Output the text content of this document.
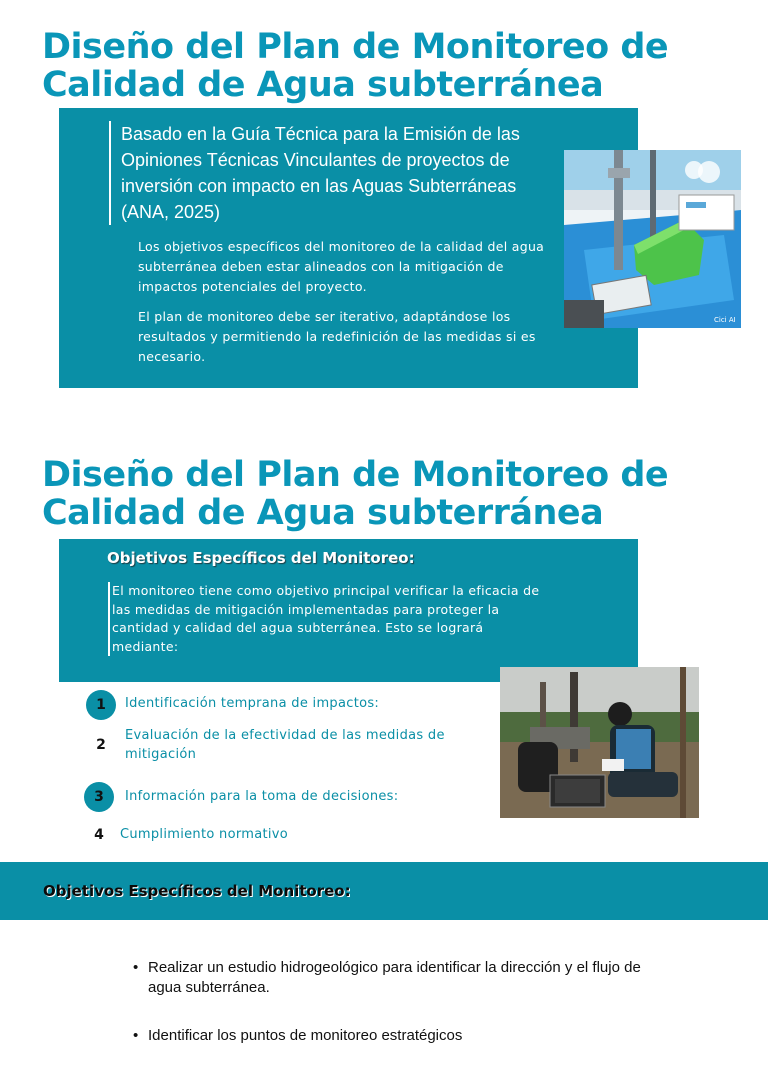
Diseño del Plan de Monitoreo de
Calidad de Agua subterránea
Basado en la Guía Técnica para la Emisión de las Opiniones Técnicas Vinculantes de proyectos de inversión con impacto en las Aguas Subterráneas (ANA, 2025)

Los objetivos específicos del monitoreo de la calidad del agua subterránea deben estar alineados con la mitigación de impactos potenciales del proyecto.

El plan de monitoreo debe ser iterativo, adaptándose los resultados y permitiendo la redefinición de las medidas si es necesario.

Cici AI
Diseño del Plan de Monitoreo de
Calidad de Agua subterránea
Objetivos Específicos del Monitoreo:

El monitoreo tiene como objetivo principal verificar la eficacia de las medidas de mitigación implementadas para proteger la cantidad y calidad del agua subterránea. Esto se logrará mediante:

1	Identificación temprana de impactos:
2
Evaluación de la efectividad de las medidas de mitigación
3	Información para la toma de decisiones:
4	Cumplimiento normativo
Objetivos Específicos del Monitoreo:
• Realizar un estudio hidrogeológico para identificar la dirección y el flujo de agua subterránea.
• Identificar los puntos de monitoreo estratégicos
